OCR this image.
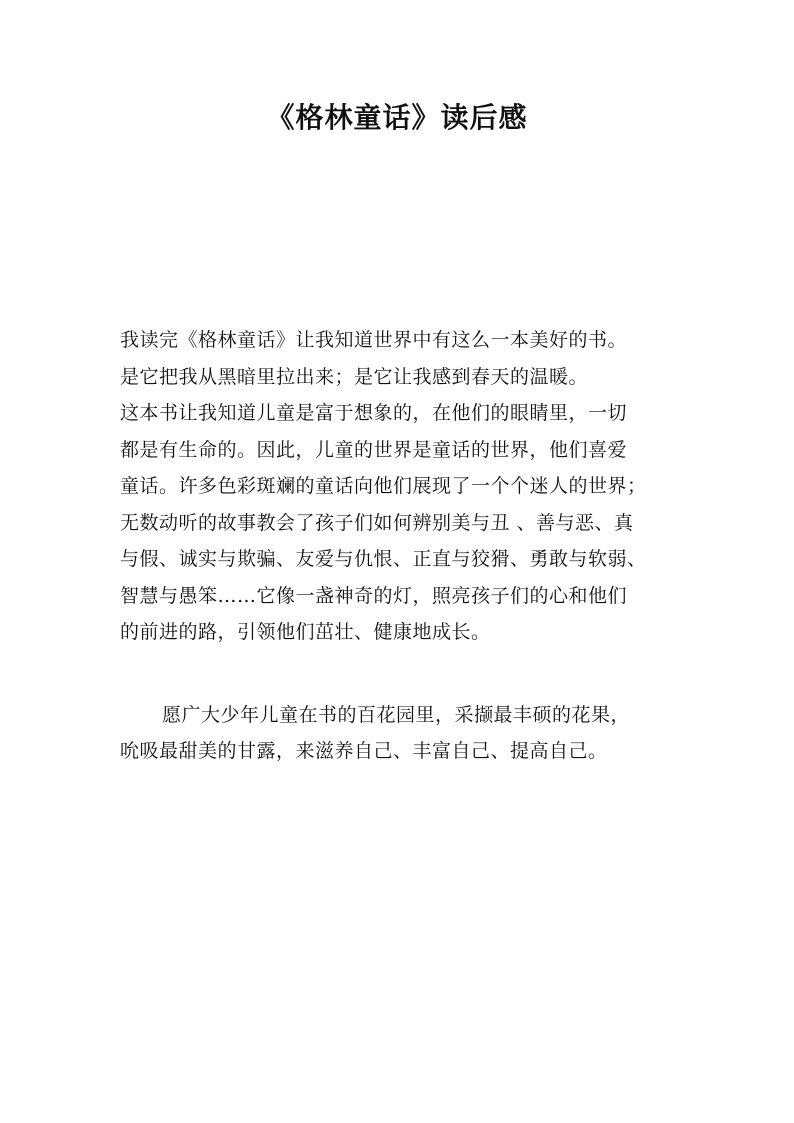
《格林童话》读后感
我读完《格林童话》让我知道世界中有这么一本美好的书。
是它把我从黑暗里拉出来；是它让我感到春天的温暖。
这本书让我知道儿童是富于想象的，在他们的眼睛里，一切
都是有生命的。因此，儿童的世界是童话的世界，他们喜爱
童话。许多色彩斑斓的童话向他们展现了一个个迷人的世界；
无数动听的故事教会了孩子们如何辨别美与丑 、善与恶、真
与假、诚实与欺骗、友爱与仇恨、正直与狡猾、勇敢与软弱、
智慧与愚笨……它像一盏神奇的灯，照亮孩子们的心和他们
的前进的路，引领他们茁壮、健康地成长。
愿广大少年儿童在书的百花园里，采撷最丰硕的花果，
吮吸最甜美的甘露，来滋养自己、丰富自己、提高自己。
